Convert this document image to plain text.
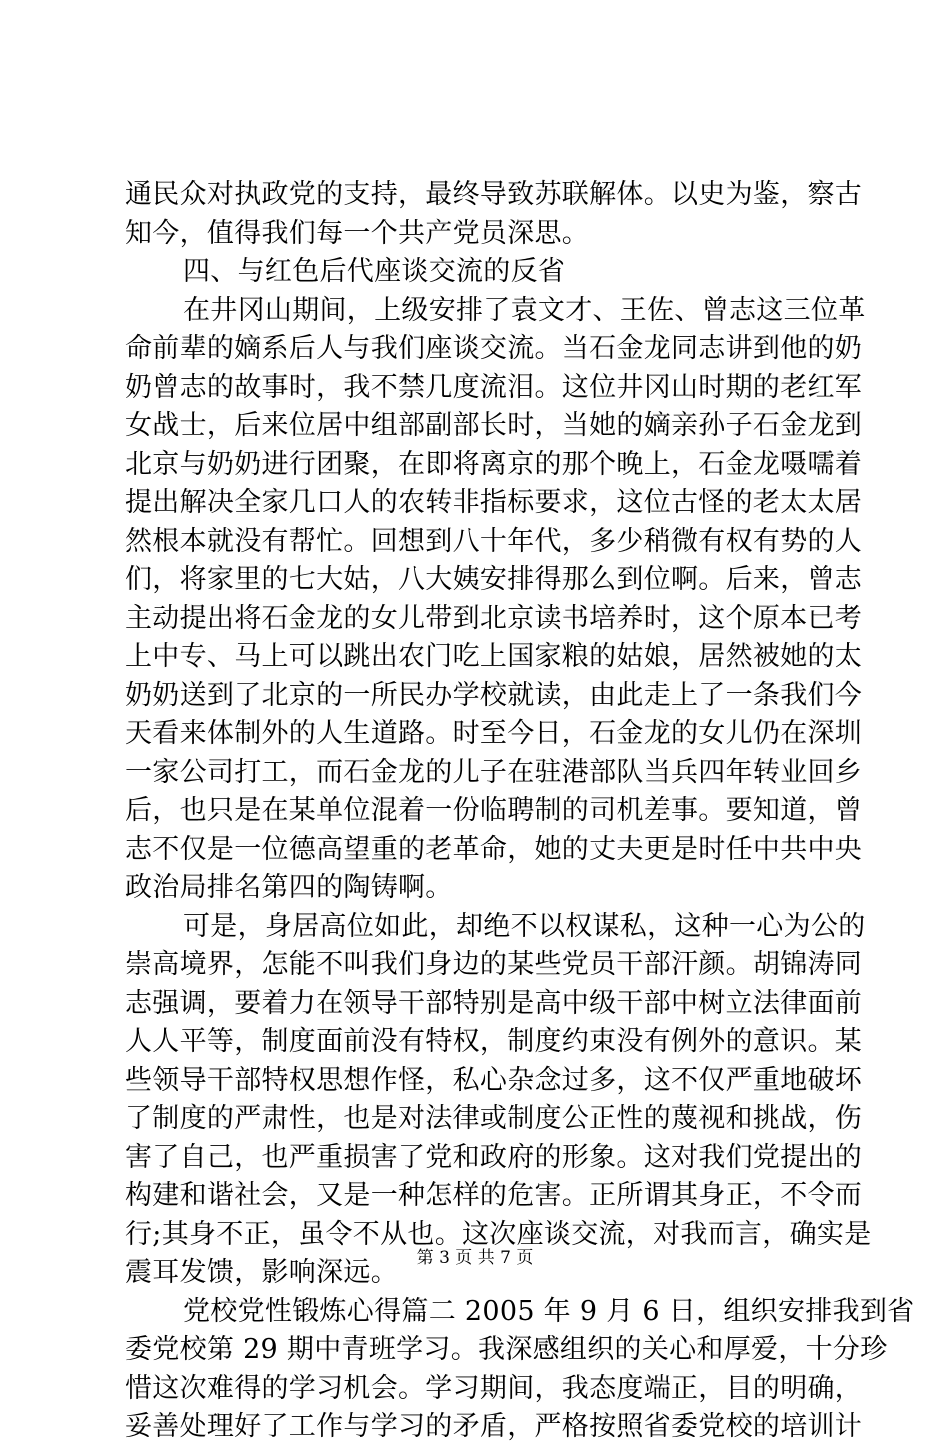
通民众对执政党的支持，最终导致苏联解体。以史为鉴，察古
知今，值得我们每一个共产党员深思。
四、与红色后代座谈交流的反省
在井冈山期间，上级安排了袁文才、王佐、曾志这三位革
命前辈的嫡系后人与我们座谈交流。当石金龙同志讲到他的奶
奶曾志的故事时，我不禁几度流泪。这位井冈山时期的老红军
女战士，后来位居中组部副部长时，当她的嫡亲孙子石金龙到
北京与奶奶进行团聚，在即将离京的那个晚上，石金龙嗫嚅着
提出解决全家几口人的农转非指标要求，这位古怪的老太太居
然根本就没有帮忙。回想到八十年代，多少稍微有权有势的人
们，将家里的七大姑，八大姨安排得那么到位啊。后来，曾志
主动提出将石金龙的女儿带到北京读书培养时，这个原本已考
上中专、马上可以跳出农门吃上国家粮的姑娘，居然被她的太
奶奶送到了北京的一所民办学校就读，由此走上了一条我们今
天看来体制外的人生道路。时至今日，石金龙的女儿仍在深圳
一家公司打工，而石金龙的儿子在驻港部队当兵四年转业回乡
后，也只是在某单位混着一份临聘制的司机差事。要知道，曾
志不仅是一位德高望重的老革命，她的丈夫更是时任中共中央
政治局排名第四的陶铸啊。
可是，身居高位如此，却绝不以权谋私，这种一心为公的
崇高境界，怎能不叫我们身边的某些党员干部汗颜。胡锦涛同
志强调，要着力在领导干部特别是高中级干部中树立法律面前
人人平等，制度面前没有特权，制度约束没有例外的意识。某
些领导干部特权思想作怪，私心杂念过多，这不仅严重地破坏
了制度的严肃性，也是对法律或制度公正性的蔑视和挑战，伤
害了自己，也严重损害了党和政府的形象。这对我们党提出的
构建和谐社会，又是一种怎样的危害。正所谓其身正，不令而
行;其身不正，虽令不从也。这次座谈交流，对我而言，确实是
震耳发馈，影响深远。
党校党性锻炼心得篇二 2005 年 9 月 6 日，组织安排我到省
委党校第 29 期中青班学习。我深感组织的关心和厚爱，十分珍
惜这次难得的学习机会。学习期间，我态度端正，目的明确，
妥善处理好了工作与学习的矛盾，严格按照省委党校的培训计
第 3 页 共 7 页
